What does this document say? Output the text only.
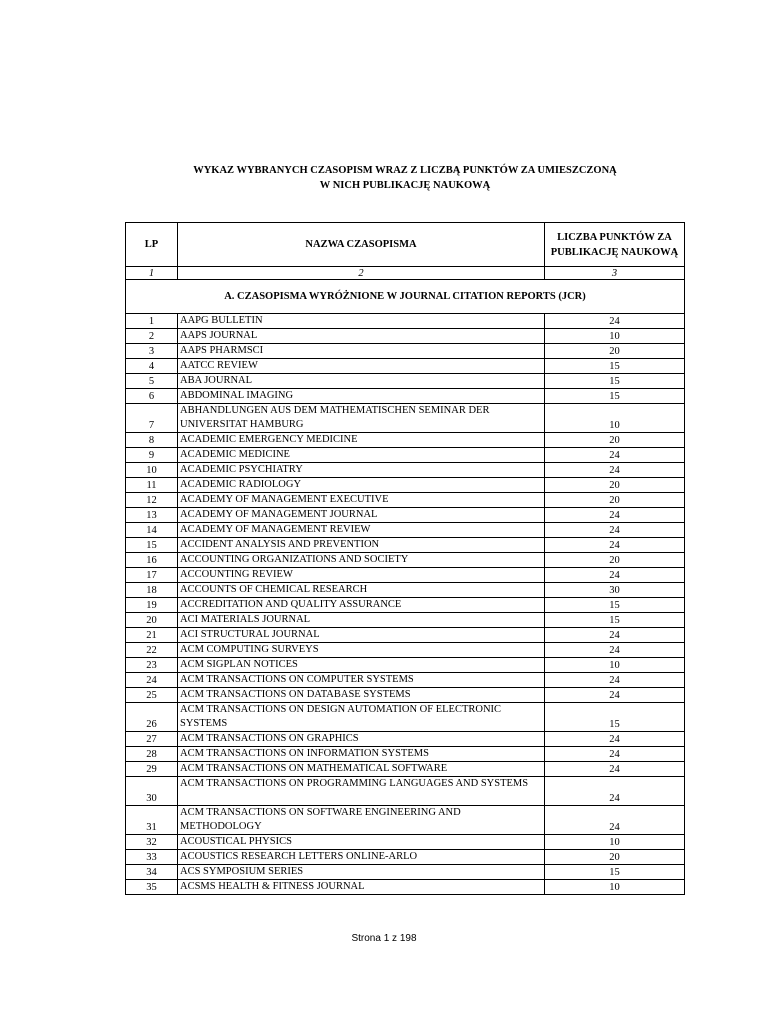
WYKAZ WYBRANYCH CZASOPISM WRAZ Z LICZBĄ PUNKTÓW ZA UMIESZCZONĄ
W NICH PUBLIKACJĘ NAUKOWĄ
LP	NAZWA CZASOPISMA	LICZBA PUNKTÓW ZA
PUBLIKACJĘ NAUKOWĄ

1	2	3
A. CZASOPISMA WYRÓŻNIONE W JOURNAL CITATION REPORTS (JCR)		
1	AAPG BULLETIN	24
2	AAPS JOURNAL	10
3	AAPS PHARMSCI	20
4	AATCC REVIEW	15
5	ABA JOURNAL	15
6	ABDOMINAL IMAGING	15
7	ABHANDLUNGEN AUS DEM MATHEMATISCHEN SEMINAR DER UNIVERSITAT HAMBURG	10
8	ACADEMIC EMERGENCY MEDICINE	20
9	ACADEMIC MEDICINE	24
10	ACADEMIC PSYCHIATRY	24
11	ACADEMIC RADIOLOGY	20
12	ACADEMY OF MANAGEMENT EXECUTIVE	20
13	ACADEMY OF MANAGEMENT JOURNAL	24
14	ACADEMY OF MANAGEMENT REVIEW	24
15	ACCIDENT ANALYSIS AND PREVENTION	24
16	ACCOUNTING ORGANIZATIONS AND SOCIETY	20
17	ACCOUNTING REVIEW	24
18	ACCOUNTS OF CHEMICAL RESEARCH	30
19	ACCREDITATION AND QUALITY ASSURANCE	15
20	ACI MATERIALS JOURNAL	15
21	ACI STRUCTURAL JOURNAL	24
22	ACM COMPUTING SURVEYS	24
23	ACM SIGPLAN NOTICES	10
24	ACM TRANSACTIONS ON COMPUTER SYSTEMS	24
25	ACM TRANSACTIONS ON DATABASE SYSTEMS	24
26	ACM TRANSACTIONS ON DESIGN AUTOMATION OF ELECTRONIC SYSTEMS	15
27	ACM TRANSACTIONS ON GRAPHICS	24
28	ACM TRANSACTIONS ON INFORMATION SYSTEMS	24
29	ACM TRANSACTIONS ON MATHEMATICAL SOFTWARE	24
30	ACM TRANSACTIONS ON PROGRAMMING LANGUAGES AND SYSTEMS	24
31	ACM TRANSACTIONS ON SOFTWARE ENGINEERING AND METHODOLOGY	24
32	ACOUSTICAL PHYSICS	10
33	ACOUSTICS RESEARCH LETTERS ONLINE-ARLO	20
34	ACS SYMPOSIUM SERIES	15
35	ACSMS HEALTH & FITNESS JOURNAL	10
Strona 1 z 198
